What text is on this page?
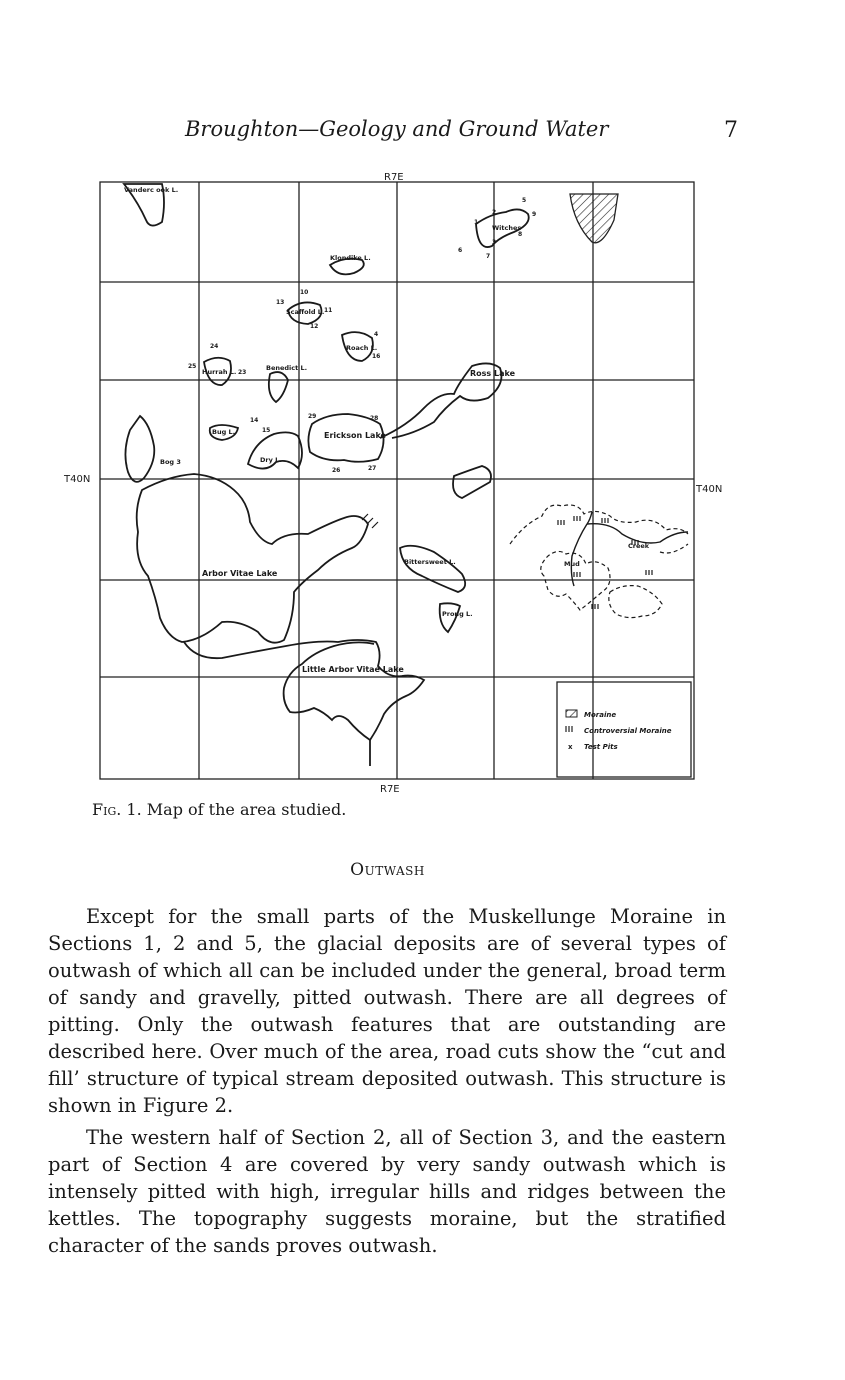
Broughton—Geology and Ground Water	7
R7E
R7E
T40N
T40N
Vanderc ook L.
Klondike L.
Scaffold L.
Roach L.
Hurrah L.	Benedict L.
Bug L.
Dry L.
Erickson Lake
Ross Lake
Witches
Bog 3
Arbor Vitae Lake
Bittersweet L.
Prong L.
Little Arbor Vitae Lake
Mud
Creek
1
2
3
4
5
6
7
8
9
10
11
12
13
14
15
16
23
24
25
26	27
28
29
Moraine
Controversial Moraine
x Test Pits
Fig. 1. Map of the area studied.
Outwash

Except for the small parts of the Muskellunge Moraine in Sections 1, 2 and 5, the glacial deposits are of several types of outwash of which all can be included under the general, broad term of sandy and gravelly, pitted outwash. There are all degrees of pitting. Only the outwash features that are outstanding are described here. Over much of the area, road cuts show the “cut and fill’ structure of typical stream deposited outwash. This structure is shown in Figure 2.

The western half of Section 2, all of Section 3, and the eastern part of Section 4 are covered by very sandy outwash which is intensely pitted with high, irregular hills and ridges between the kettles. The topography suggests moraine, but the stratified character of the sands proves outwash.
